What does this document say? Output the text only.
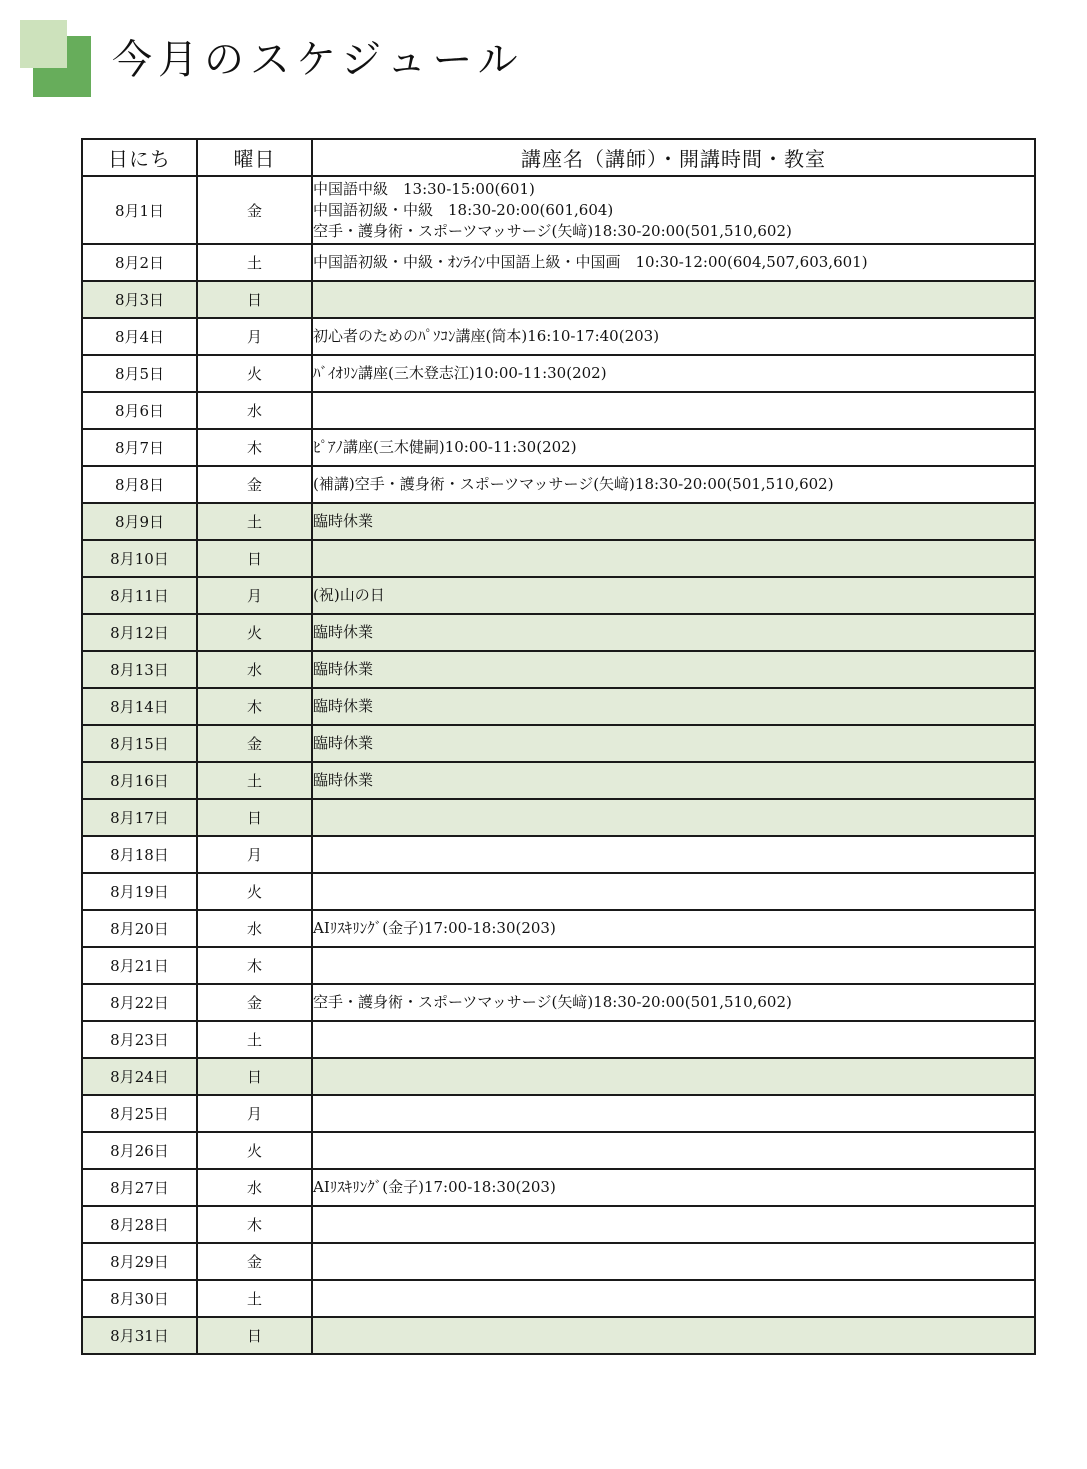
今月のスケジュール
日にち	曜日	講座名（講師）・開講時間・教室
8月1日	金	中国語中級　13:30-15:00(601)
中国語初級・中級　18:30-20:00(601,604)
空手・護身術・スポーツマッサージ(矢﨑)18:30-20:00(501,510,602)

8月2日	土	中国語初級・中級・ｵﾝﾗｲﾝ中国語上級・中国画　10:30-12:00(604,507,603,601)

8月3日	日	
8月4日	月	初心者のためのﾊﾟｿｺﾝ講座(筒本)16:10-17:40(203)

8月5日	火	ﾊﾞｲｵﾘﾝ講座(三木登志江)10:00-11:30(202)

8月6日	水	
8月7日	木	ﾋﾟｱﾉ講座(三木健嗣)10:00-11:30(202)

8月8日	金	(補講)空手・護身術・スポーツマッサージ(矢﨑)18:30-20:00(501,510,602)

8月9日	土	臨時休業

8月10日	日	
8月11日	月	(祝)山の日

8月12日	火	臨時休業

8月13日	水	臨時休業

8月14日	木	臨時休業

8月15日	金	臨時休業

8月16日	土	臨時休業

8月17日	日	
8月18日	月	
8月19日	火	
8月20日	水	AIﾘｽｷﾘﾝｸﾞ(金子)17:00-18:30(203)

8月21日	木	
8月22日	金	空手・護身術・スポーツマッサージ(矢﨑)18:30-20:00(501,510,602)

8月23日	土	
8月24日	日	
8月25日	月	
8月26日	火	
8月27日	水	AIﾘｽｷﾘﾝｸﾞ(金子)17:00-18:30(203)

8月28日	木	
8月29日	金	
8月30日	土	
8月31日	日	
